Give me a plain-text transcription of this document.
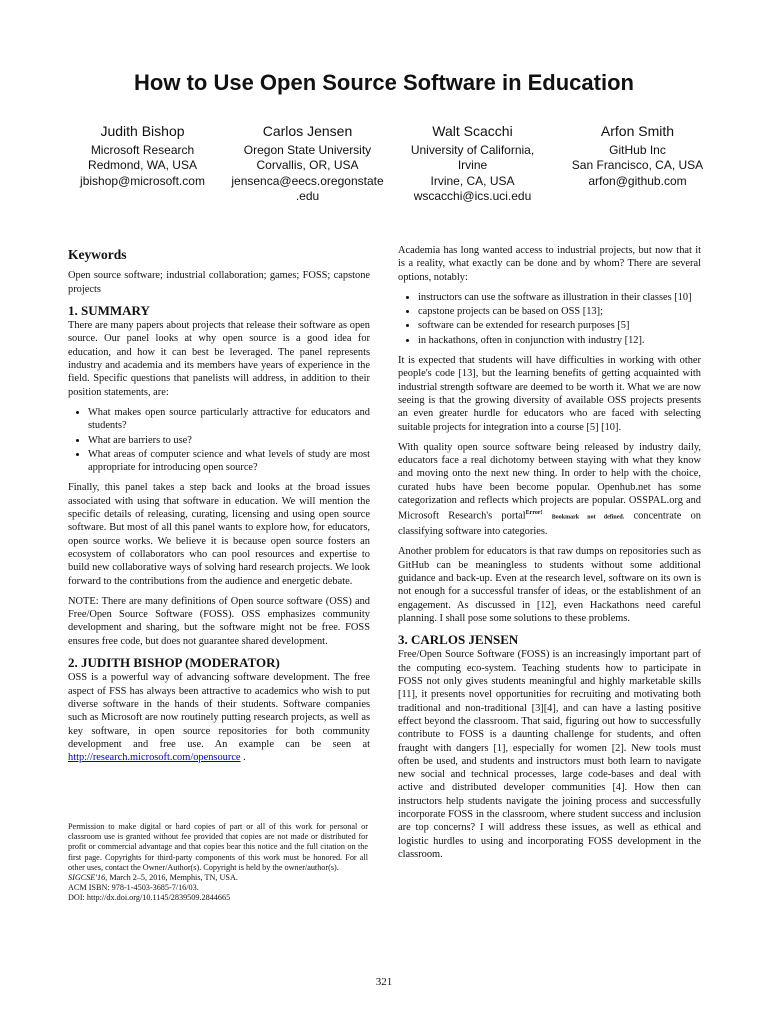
How to Use Open Source Software in Education
Judith Bishop
Microsoft Research
Redmond, WA, USA
jbishop@microsoft.com
Carlos Jensen
Oregon State University
Corvallis, OR, USA
jensenca@eecs.oregonstate
.edu
Walt Scacchi
University of California,
Irvine
Irvine, CA, USA
wscacchi@ics.uci.edu
Arfon Smith
GitHub Inc
San Francisco, CA, USA
arfon@github.com
Keywords

Open source software; industrial collaboration; games; FOSS; capstone projects

1. SUMMARY

There are many papers about projects that release their software as open source. Our panel looks at why open source is a good idea for education, and how it can best be leveraged. The panel represents industry and academia and its members have years of experience in the field. Specific questions that panelists will address, in addition to their position statements, are:

• What makes open source particularly attractive for educators and students?
• What are barriers to use?
• What areas of computer science and what levels of study are most appropriate for introducing open source?

Finally, this panel takes a step back and looks at the broad issues associated with using that software in education. We will mention the specific details of releasing, curating, licensing and using open source software. But most of all this panel wants to explore how, for educators, open source works. We believe it is because open source fosters an ecosystem of collaborators who can pool resources and expertise to build new collaborative ways of solving hard research projects. We look forward to the contributions from the audience and energetic debate.

NOTE: There are many definitions of Open source software (OSS) and Free/Open Source Software (FOSS). OSS emphasizes community development and sharing, but the software might not be free. FOSS ensures free code, but does not guarantee shared development.

2. JUDITH BISHOP (MODERATOR)

OSS is a powerful way of advancing software development. The free aspect of FSS has always been attractive to academics who wish to put diverse software in the hands of their students. Software companies such as Microsoft are now routinely putting research projects, as well as key software, in open source repositories for both community development and free use. An example can be seen at http://research.microsoft.com/opensource .

Permission to make digital or hard copies of part or all of this work for personal or classroom use is granted without fee provided that copies are not made or distributed for profit or commercial advantage and that copies bear this notice and the full citation on the first page. Copyrights for third-party components of this work must be honored. For all other uses, contact the Owner/Author(s). Copyright is held by the owner/author(s).
SIGCSE'16, March 2–5, 2016, Memphis, TN, USA.
ACM ISBN: 978-1-4503-3685-7/16/03.
DOI: http://dx.doi.org/10.1145/2839509.2844665

Academia has long wanted access to industrial projects, but now that it is a reality, what exactly can be done and by whom? There are several options, notably:

• instructors can use the software as illustration in their classes [10]
• capstone projects can be based on OSS [13];
• software can be extended for research purposes [5]
• in hackathons, often in conjunction with industry [12].

It is expected that students will have difficulties in working with other people's code [13], but the learning benefits of getting acquainted with industrial strength software are deemed to be worth it. What we are now seeing is that the growing diversity of available OSS projects presents an even greater hurdle for educators who are faced with selecting suitable projects for integration into a course [5] [10].

With quality open source software being released by industry daily, educators face a real dichotomy between staying with what they know and moving onto the next new thing. In order to help with the choice, curated hubs have been become popular. Openhub.net has some categorization and reflects which projects are popular. OSSPAL.org and Microsoft Research's portal$^{Error!}$ Bookmark not defined. concentrate on classifying software into categories.

Another problem for educators is that raw dumps on repositories such as GitHub can be meaningless to students without some additional guidance and back-up. Even at the research level, software on its own is not enough for a successful transfer of ideas, or the establishment of an engagement. As discussed in [12], even Hackathons need careful planning. I shall pose some solutions to these problems.

3. CARLOS JENSEN

Free/Open Source Software (FOSS) is an increasingly important part of the computing eco-system. Teaching students how to participate in FOSS not only gives students meaningful and highly marketable skills [11], it presents novel opportunities for recruiting and motivating both traditional and non-traditional [3][4], and can have a lasting positive effect beyond the classroom. That said, figuring out how to successfully contribute to FOSS is a daunting challenge for students, and often fraught with dangers [1], especially for women [2]. New tools must often be used, and students and instructors must both learn to navigate new social and technical processes, large code-bases and deal with active and distributed developer communities [4]. How then can instructors help students navigate the joining process and successfully incorporate FOSS in the classroom, where student success and inclusion are top concerns? I will address these issues, as well as ethical and logistic hurdles to using and incorporating FOSS development in the classroom.

321
